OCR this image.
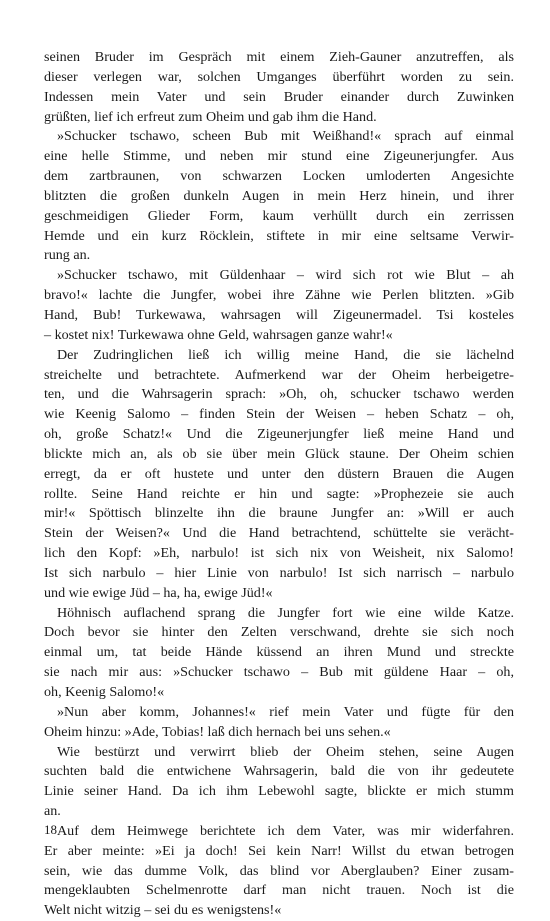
seinen Bruder im Gespräch mit einem Zieh-Gauner anzutreffen, als
dieser verlegen war, solchen Umganges überführt worden zu sein.
Indessen mein Vater und sein Bruder einander durch Zuwinken
grüßten, lief ich erfreut zum Oheim und gab ihm die Hand.
»Schucker tschawo, scheen Bub mit Weißhand!« sprach auf einmal
eine helle Stimme, und neben mir stund eine Zigeunerjungfer. Aus
dem zartbraunen, von schwarzen Locken umloderten Angesichte
blitzten die großen dunkeln Augen in mein Herz hinein, und ihrer
geschmeidigen Glieder Form, kaum verhüllt durch ein zerrissen
Hemde und ein kurz Röcklein, stiftete in mir eine seltsame Verwir-
rung an.
»Schucker tschawo, mit Güldenhaar – wird sich rot wie Blut – ah
bravo!« lachte die Jungfer, wobei ihre Zähne wie Perlen blitzten. »Gib
Hand, Bub! Turkewawa, wahrsagen will Zigeunermadel. Tsi kosteles
– kostet nix! Turkewawa ohne Geld, wahrsagen ganze wahr!«
Der Zudringlichen ließ ich willig meine Hand, die sie lächelnd
streichelte und betrachtete. Aufmerkend war der Oheim herbeigetre-
ten, und die Wahrsagerin sprach: »Oh, oh, schucker tschawo werden
wie Keenig Salomo – finden Stein der Weisen – heben Schatz – oh,
oh, große Schatz!« Und die Zigeunerjungfer ließ meine Hand und
blickte mich an, als ob sie über mein Glück staune. Der Oheim schien
erregt, da er oft hustete und unter den düstern Brauen die Augen
rollte. Seine Hand reichte er hin und sagte: »Prophezeie sie auch
mir!« Spöttisch blinzelte ihn die braune Jungfer an: »Will er auch
Stein der Weisen?« Und die Hand betrachtend, schüttelte sie verächt-
lich den Kopf: »Eh, narbulo! ist sich nix von Weisheit, nix Salomo!
Ist sich narbulo – hier Linie von narbulo! Ist sich narrisch – narbulo
und wie ewige Jüd – ha, ha, ewige Jüd!«
Höhnisch auflachend sprang die Jungfer fort wie eine wilde Katze.
Doch bevor sie hinter den Zelten verschwand, drehte sie sich noch
einmal um, tat beide Hände küssend an ihren Mund und streckte
sie nach mir aus: »Schucker tschawo – Bub mit güldene Haar – oh,
oh, Keenig Salomo!«
»Nun aber komm, Johannes!« rief mein Vater und fügte für den
Oheim hinzu: »Ade, Tobias! laß dich hernach bei uns sehen.«
Wie bestürzt und verwirrt blieb der Oheim stehen, seine Augen
suchten bald die entwichene Wahrsagerin, bald die von ihr gedeutete
Linie seiner Hand. Da ich ihm Lebewohl sagte, blickte er mich stumm
an.
Auf dem Heimwege berichtete ich dem Vater, was mir widerfahren.
Er aber meinte: »Ei ja doch! Sei kein Narr! Willst du etwan betrogen
sein, wie das dumme Volk, das blind vor Aberglauben? Einer zusam-
mengeklaubten Schelmenrotte darf man nicht trauen. Noch ist die
Welt nicht witzig – sei du es wenigstens!«
18
